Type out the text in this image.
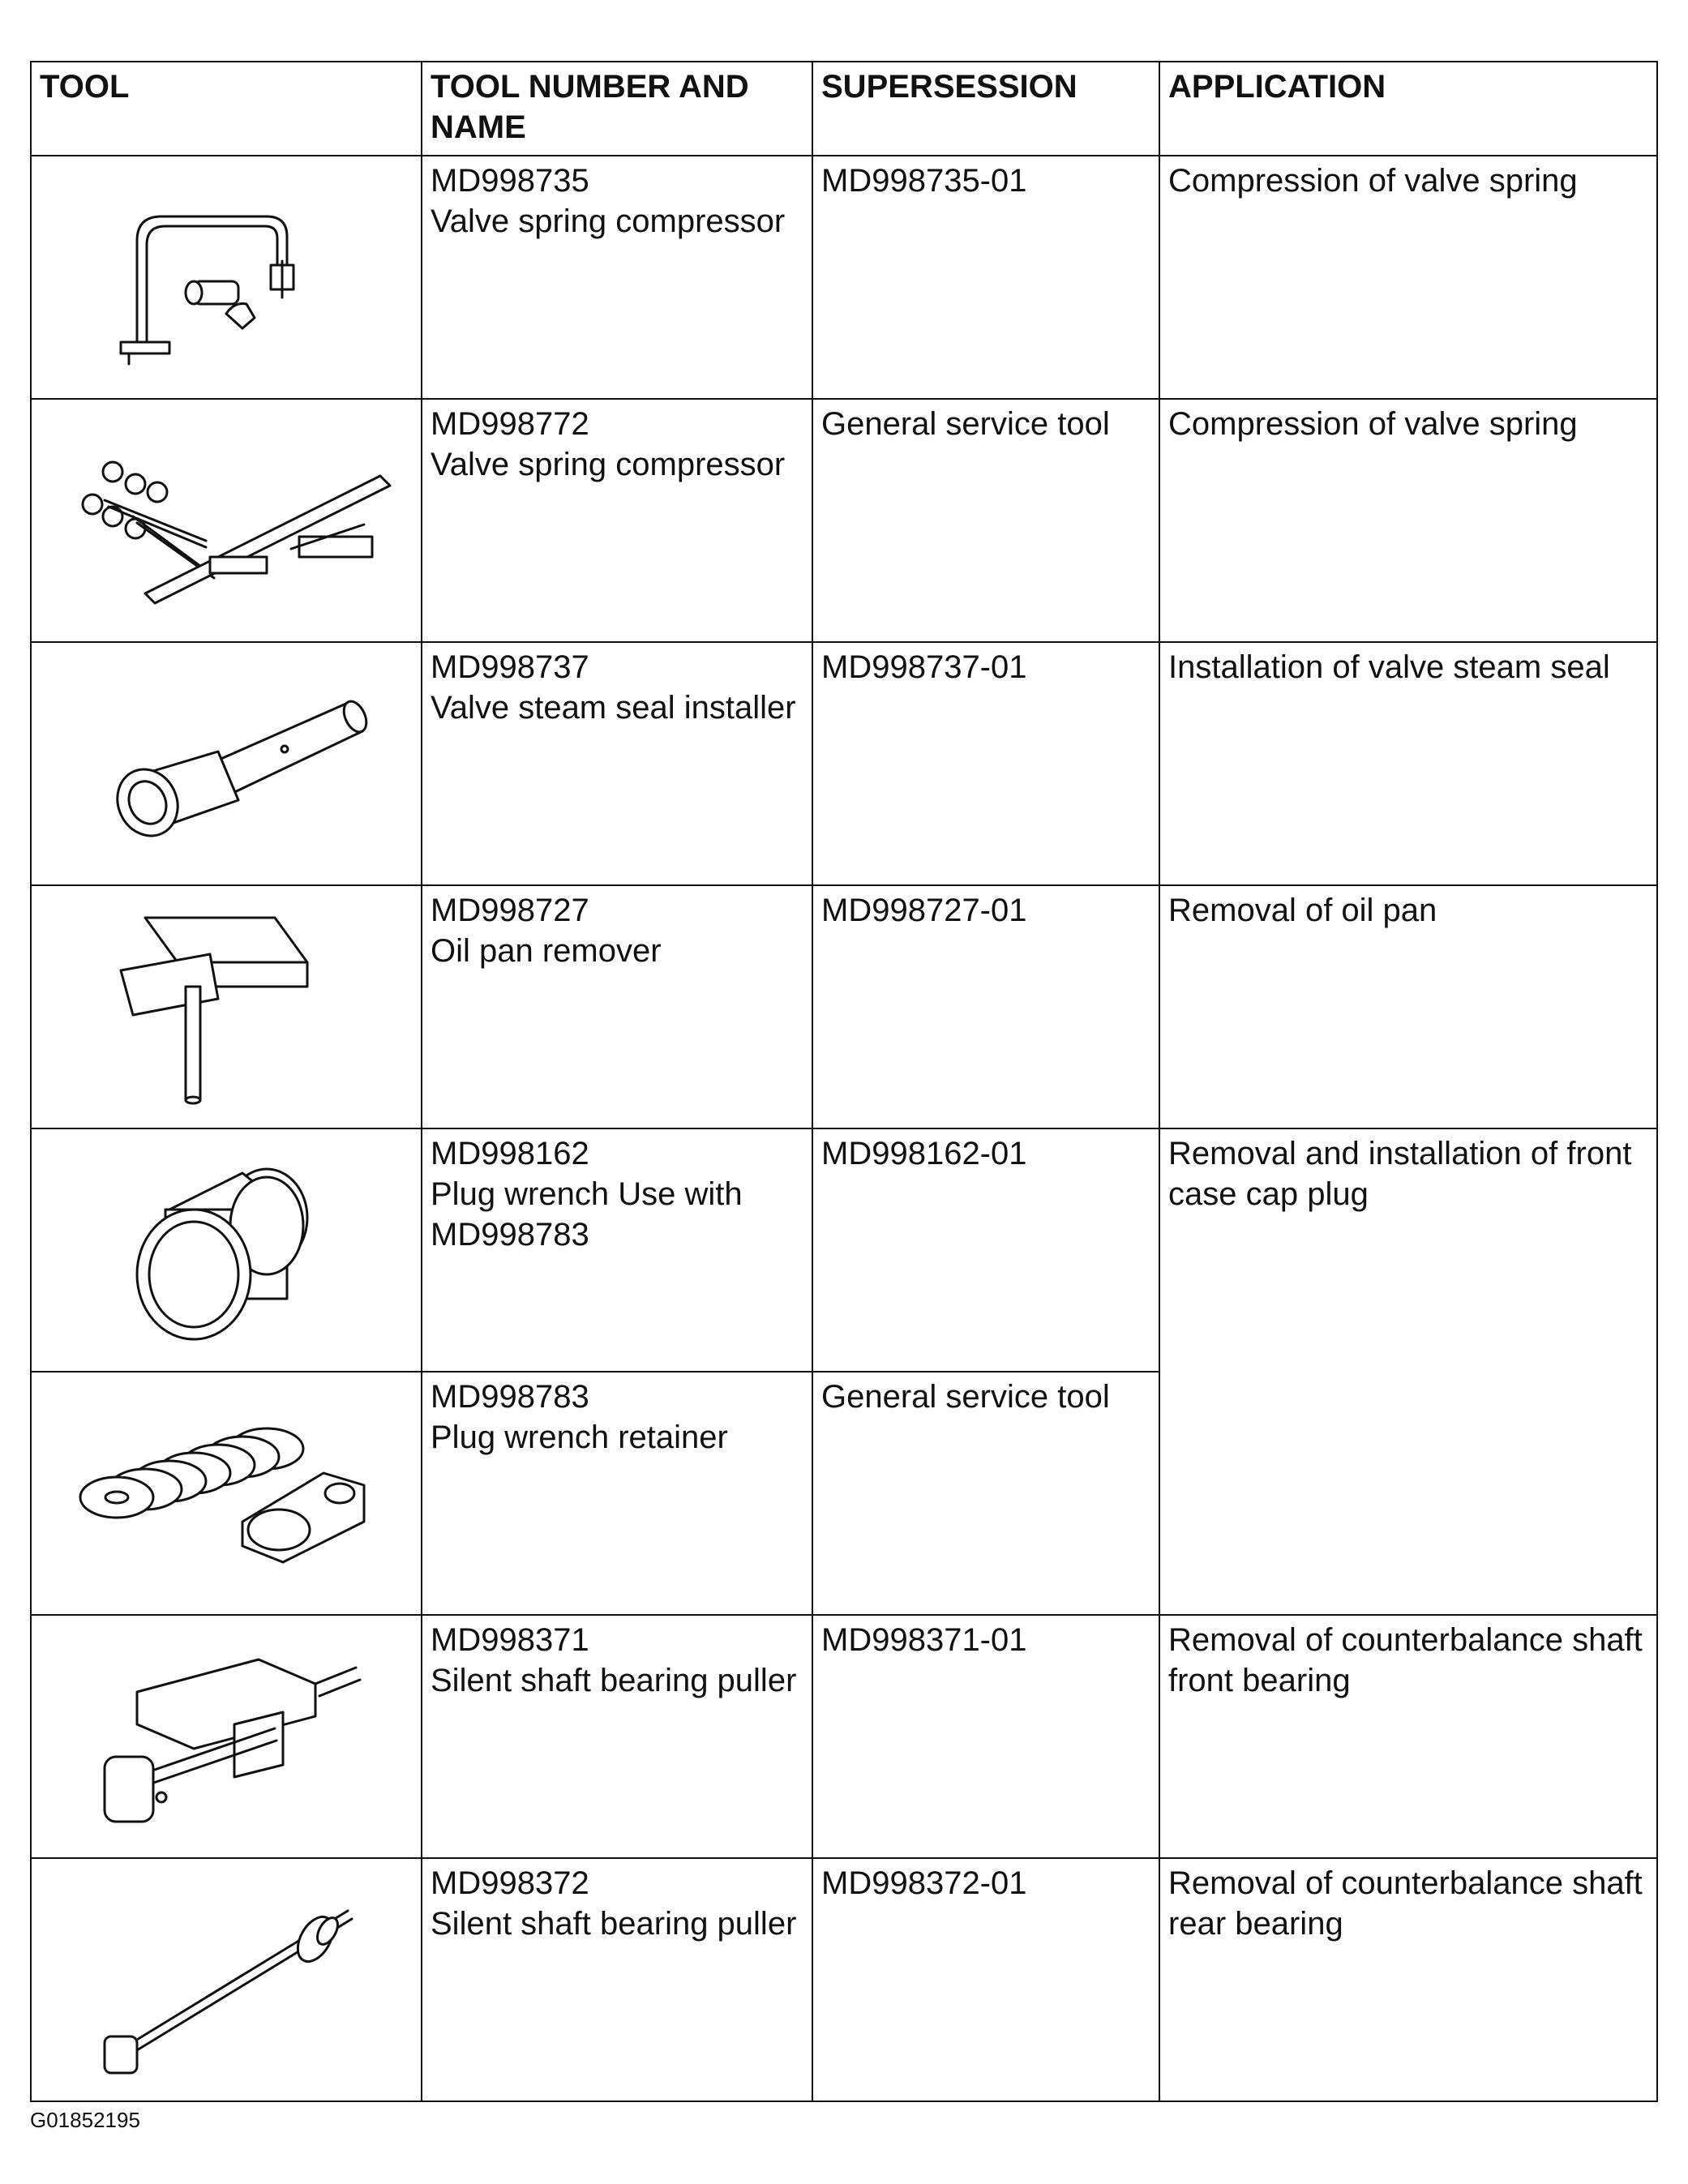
TOOL	TOOL NUMBER AND NAME	SUPERSESSION	APPLICATION

MD998735
Valve spring compressor	MD998735-01	Compression of valve spring

MD998772
Valve spring compressor	General service tool	Compression of valve spring

MD998737
Valve steam seal installer	MD998737-01	Installation of valve steam seal

MD998727
Oil pan remover	MD998727-01	Removal of oil pan

MD998162
Plug wrench Use with MD998783	MD998162-01	Removal and installation of front case cap plug

MD998783
Plug wrench retainer	General service tool	

MD998371
Silent shaft bearing puller	MD998371-01	Removal of counterbalance shaft front bearing

MD998372
Silent shaft bearing puller	MD998372-01	Removal of counterbalance shaft rear bearing
G01852195
